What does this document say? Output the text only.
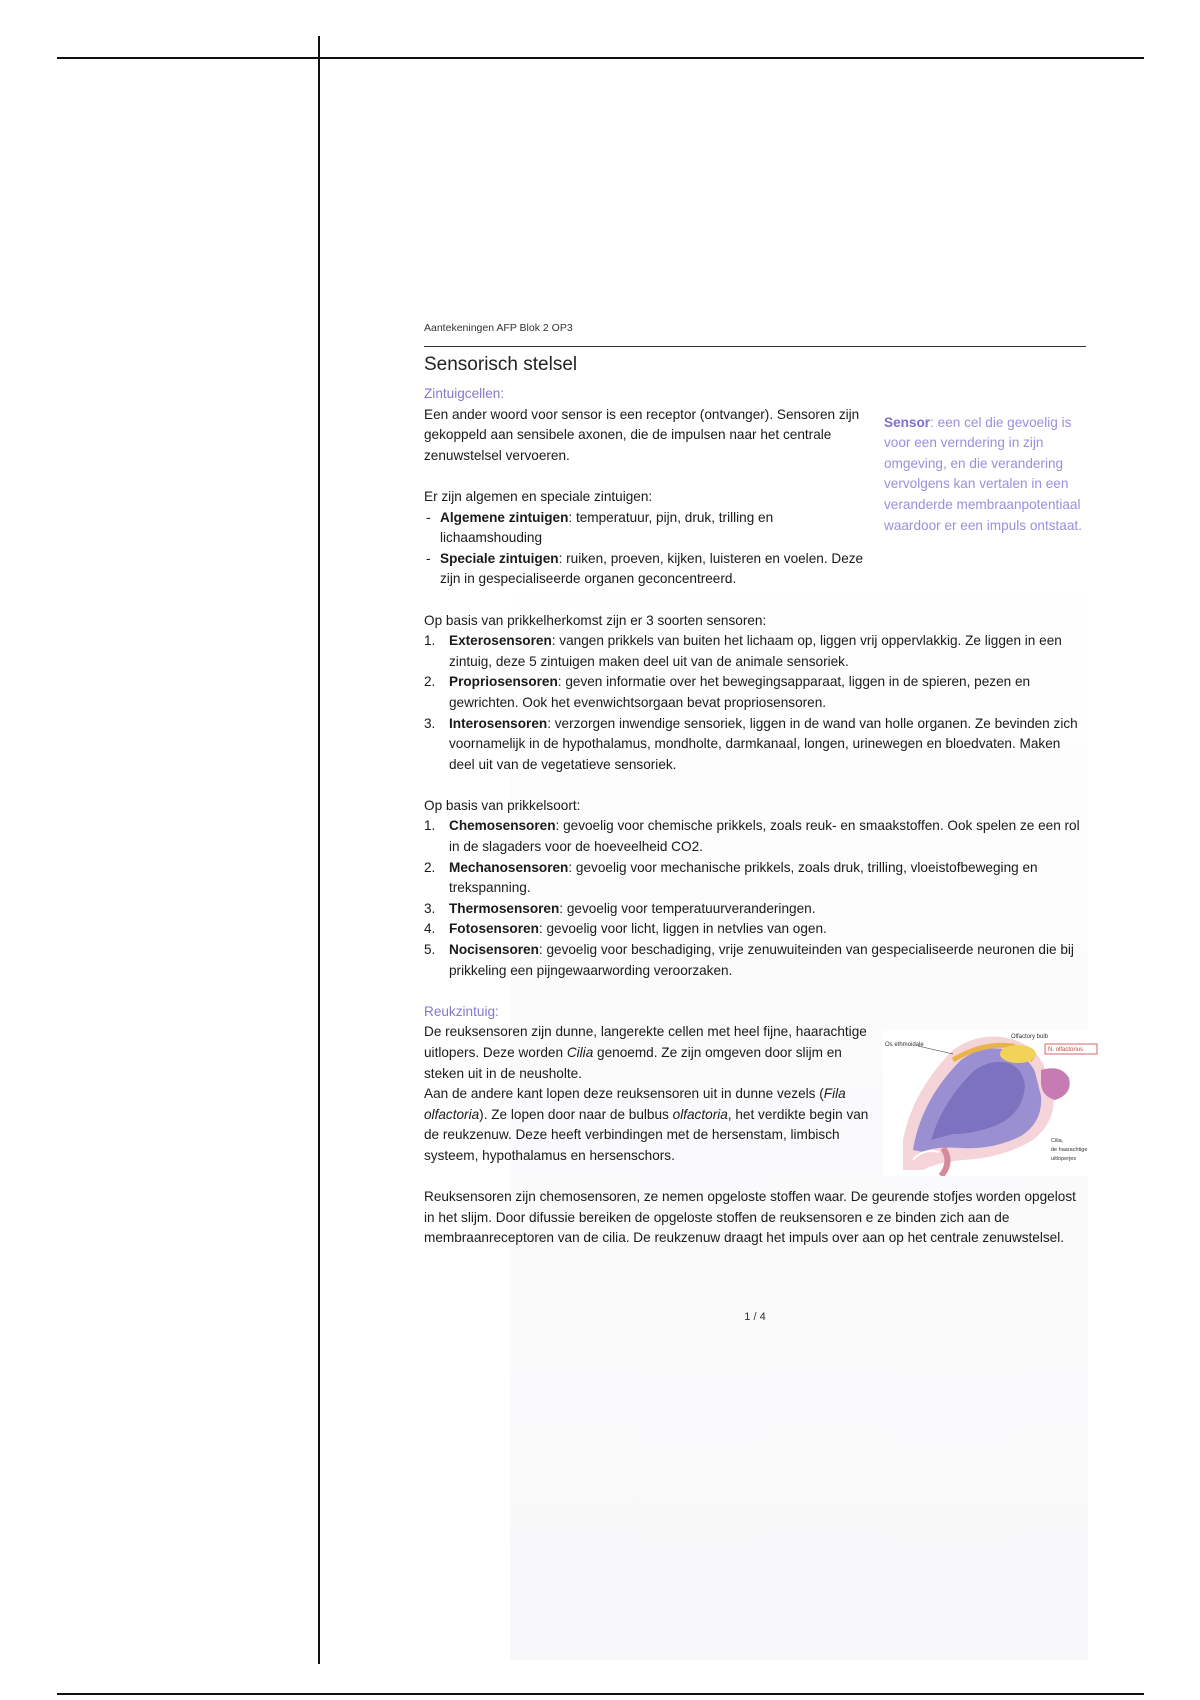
Aantekeningen AFP Blok 2 OP3
Sensorisch stelsel
Zintuigcellen:

Een ander woord voor sensor is een receptor (ontvanger). Sensoren zijn gekoppeld aan sensibele axonen, die de impulsen naar het centrale zenuwstelsel vervoeren.

Er zijn algemen en speciale zintuigen:

- Algemene zintuigen: temperatuur, pijn, druk, trilling en lichaamshouding
- Speciale zintuigen: ruiken, proeven, kijken, luisteren en voelen. Deze zijn in gespecialiseerde organen geconcentreerd.
Sensor: een cel die gevoelig is voor een verndering in zijn omgeving, en die verandering vervolgens kan vertalen in een veranderde membraanpotentiaal waardoor er een impuls ontstaat.

Op basis van prikkelherkomst zijn er 3 soorten sensoren:

1. Exterosensoren: vangen prikkels van buiten het lichaam op, liggen vrij oppervlakkig. Ze liggen in een zintuig, deze 5 zintuigen maken deel uit van de animale sensoriek.
2. Propriosensoren: geven informatie over het bewegingsapparaat, liggen in de spieren, pezen en gewrichten. Ook het evenwichtsorgaan bevat propriosensoren.
3. Interosensoren: verzorgen inwendige sensoriek, liggen in de wand van holle organen. Ze bevinden zich voornamelijk in de hypothalamus, mondholte, darmkanaal, longen, urinewegen en bloedvaten. Maken deel uit van de vegetatieve sensoriek.

Op basis van prikkelsoort:

1. Chemosensoren: gevoelig voor chemische prikkels, zoals reuk- en smaakstoffen. Ook spelen ze een rol in de slagaders voor de hoeveelheid CO2.
2. Mechanosensoren: gevoelig voor mechanische prikkels, zoals druk, trilling, vloeistofbeweging en trekspanning.
3. Thermosensoren: gevoelig voor temperatuurveranderingen.
4. Fotosensoren: gevoelig voor licht, liggen in netvlies van ogen.
5. Nocisensoren: gevoelig voor beschadiging, vrije zenuwuiteinden van gespecialiseerde neuronen die bij prikkeling een pijngewaarwording veroorzaken.
Reukzintuig:

De reuksensoren zijn dunne, langerekte cellen met heel fijne, haarachtige uitlopers. Deze worden Cilia genoemd. Ze zijn omgeven door slijm en steken uit in de neusholte.

Aan de andere kant lopen deze reuksensoren uit in dunne vezels (Fila olfactoria). Ze lopen door naar de bulbus olfactoria, het verdikte begin van de reukzenuw. Deze heeft verbindingen met de hersenstam, limbisch systeem, hypothalamus en hersenschors.

Os ethmoidale
Olfactory bulb
N. olfactorius
Cilia,
de haarachtige
uitloperjes

Reuksensoren zijn chemosensoren, ze nemen opgeloste stoffen waar. De geurende stofjes worden opgelost in het slijm. Door difussie bereiken de opgeloste stoffen de reuksensoren e ze binden zich aan de membraanreceptoren van de cilia. De reukzenuw draagt het impuls over aan op het centrale zenuwstelsel.

1 / 4
